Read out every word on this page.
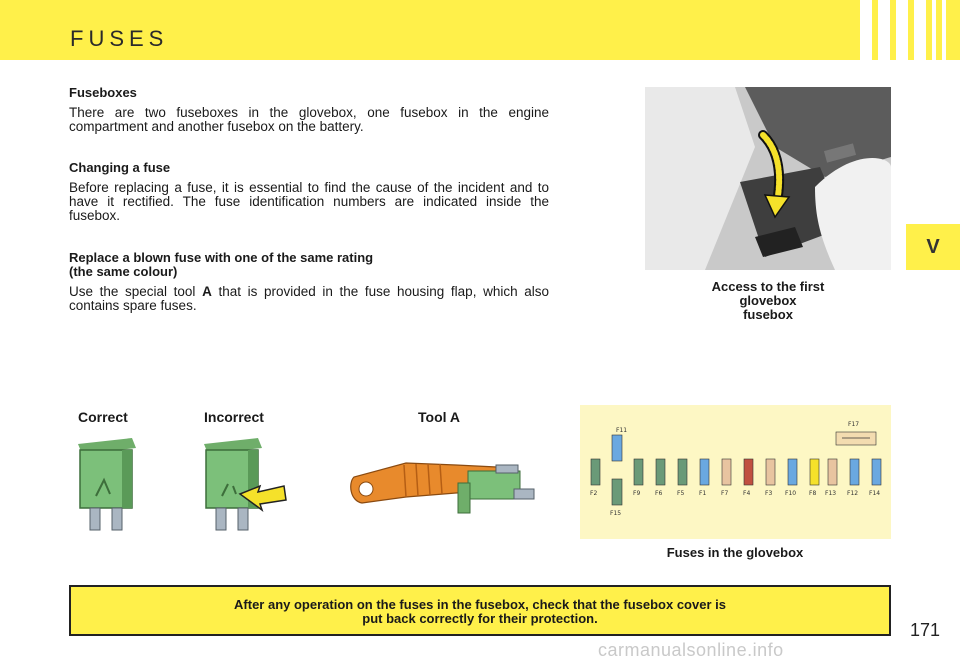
FUSES

Fuseboxes

There are two fuseboxes in the glovebox, one fusebox in the engine compartment and another fusebox on the battery.

Changing a fuse

Before replacing a fuse, it is essential to find the cause of the incident and to have it rectified. The fuse identification numbers are indicated inside the fusebox.

Replace a blown fuse with one of the same rating
(the same colour)

Use the special tool A that is provided in the fuse housing flap, which also contains spare fuses.

Access to the first
glovebox
fusebox
V
Correct	Incorrect	Tool A
F11
F17
F2	F9 F6 F5 F1 F7 F4 F3 F10 F8 F13 F12 F14
F15
Fuses in the glovebox
After any operation on the fuses in the fusebox, check that the fusebox cover is
put back correctly for their protection.
171
carmanualsonline.info
